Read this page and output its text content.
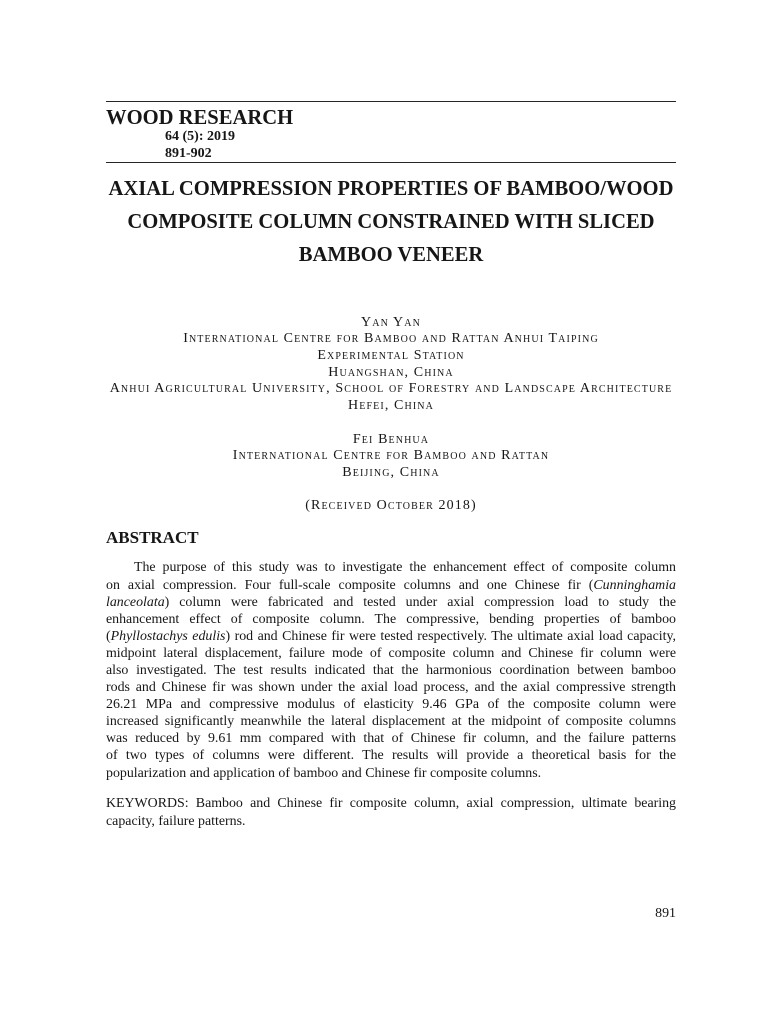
WOOD RESEARCH
64 (5): 2019
891-902
AXIAL COMPRESSION PROPERTIES OF BAMBOO/WOOD
COMPOSITE COLUMN CONSTRAINED WITH SLICED
BAMBOO VENEER
Yan Yan
International Centre for Bamboo and Rattan Anhui Taiping
Experimental Station
Huangshan, China
Anhui Agricultural University, School of Forestry and Landscape Architecture
Hefei, China
Fei Benhua
International Centre for Bamboo and Rattan
Beijing, China
(Received October 2018)
ABSTRACT
The purpose of this study was to investigate the enhancement effect of composite column
on axial compression. Four full-scale composite columns and one Chinese fir (Cunninghamia
lanceolata) column were fabricated and tested under axial compression load to study the
enhancement effect of composite column. The compressive, bending properties of bamboo
(Phyllostachys edulis) rod and Chinese fir were tested respectively. The ultimate axial load capacity,
midpoint lateral displacement, failure mode of composite column and Chinese fir column were
also investigated. The test results indicated that the harmonious coordination between bamboo
rods and Chinese fir was shown under the axial load process, and the axial compressive strength
26.21 MPa and compressive modulus of elasticity 9.46 GPa of the composite column were
increased significantly meanwhile the lateral displacement at the midpoint of composite columns
was reduced by 9.61 mm compared with that of Chinese fir column, and the failure patterns
of two types of columns were different. The results will provide a theoretical basis for the
popularization and application of bamboo and Chinese fir composite columns.
KEYWORDS: Bamboo and Chinese fir composite column, axial compression, ultimate bearing
capacity, failure patterns.
891
